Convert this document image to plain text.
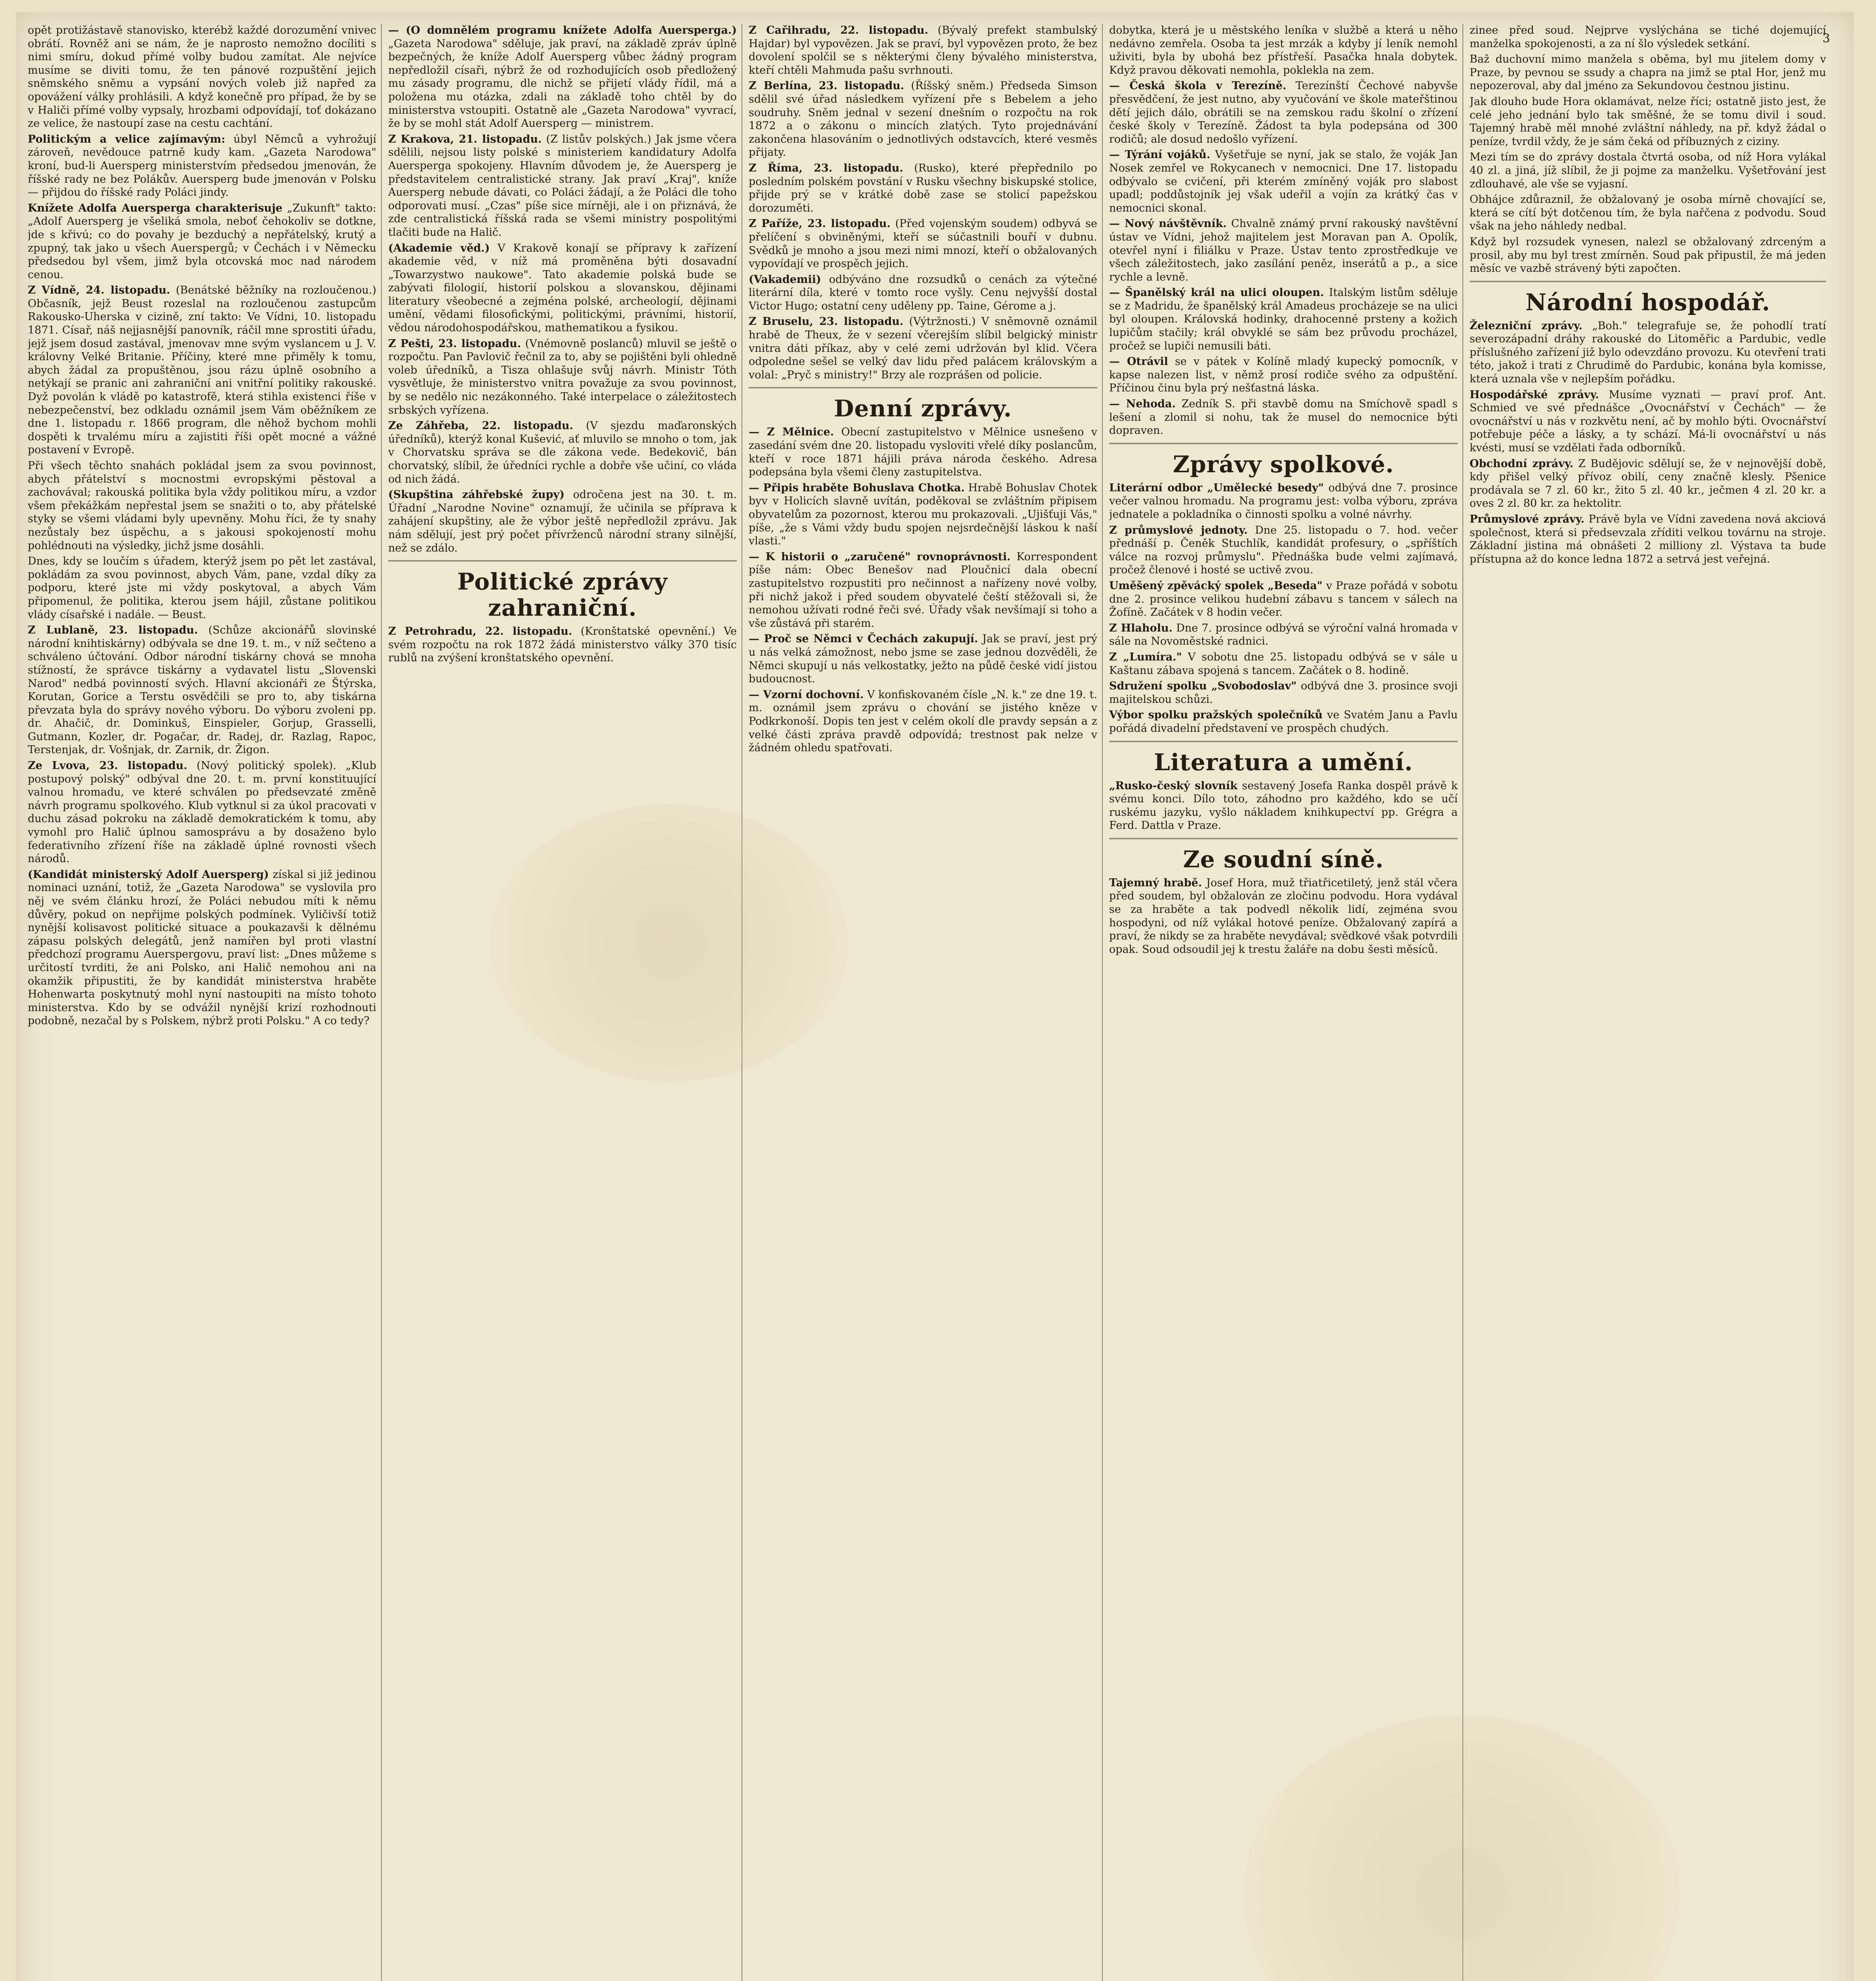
3

opět protižástavě stanovisko, kterébž každé dorozumění vnivec obrátí. Rovněž ani se nám, že je naprosto nemožno docíliti s nimi smíru, dokud přímé volby budou zamítat. Ale nejvíce musíme se diviti tomu, že ten pánové rozpuštění jejich sněmského sněmu a vypsání nových voleb již napřed za opovážení války prohlásili. A když konečně pro případ, že by se v Haliči přímé volby vypsaly, hrozbami odpovídají, toť dokázano ze velice, že nastoupí zase na cestu cachtání.

Politickým a velice zajímavým: úbyl Němců a vyhrožují zároveň, nevědouce patrně kudy kam. „Gazeta Narodowa" kroní, bud-li Auersperg ministerstvím předsedou jmenován, že říšské rady ne bez Polákův. Auersperg bude jmenován v Polsku — přijdou do říšské rady Poláci jindy.

Knížete Adolfa Auersperga charakterisuje „Zukunft" takto: „Adolf Auersperg je všeliká smola, neboť čehokoliv se dotkne, jde s křivú; co do povahy je bezduchý a nepřátelský, krutý a zpupný, tak jako u všech Auerspergů; v Čechách i v Německu předsedou byl všem, jimž byla otcovská moc nad národem cenou.

Z Vídně, 24. listopadu. (Benátské běžníky na rozloučenou.) Občasník, jejž Beust rozeslal na rozloučenou zastupcům Rakousko-Uherska v cizině, zní takto: Ve Vídni, 10. listopadu 1871. Císař, náš nejjasnější panovník, ráčil mne sprostiti úřadu, jejž jsem dosud zastával, jmenovav mne svým vyslancem u J. V. královny Velké Britanie. Příčiny, které mne přiměly k tomu, abych žádal za propuštěnou, jsou rázu úplně osobního a netýkají se pranic ani zahraniční ani vnitřní politiky rakouské. Dyž povolán k vládě po katastrofě, která stihla existenci říše v nebezpečenství, bez odkladu oznámil jsem Vám oběžníkem ze dne 1. listopadu r. 1866 program, dle něhož bychom mohli dospěti k trvalému míru a zajistiti říši opět mocné a vážné postavení v Evropě.

Při všech těchto snahách pokládal jsem za svou povinnost, abych přátelství s mocnostmi evropskými pěstoval a zachovával; rakouská politika byla vždy politikou míru, a vzdor všem překážkám nepřestal jsem se snažiti o to, aby přátelské styky se všemi vládami byly upevněny. Mohu říci, že ty snahy nezůstaly bez úspěchu, a s jakousi spokojeností mohu pohlédnouti na výsledky, jichž jsme dosáhli.

Dnes, kdy se loučím s úřadem, kterýž jsem po pět let zastával, pokládám za svou povinnost, abych Vám, pane, vzdal díky za podporu, které jste mi vždy poskytoval, a abych Vám připomenul, že politika, kterou jsem hájil, zůstane politikou vlády císařské i nadále. — Beust.

Z Lublaně, 23. listopadu. (Schůze akcionářů slovinské národní knihtiskárny) odbývala se dne 19. t. m., v níž sečteno a schváleno účtování. Odbor národní tiskárny chová se mnoha stížností, že správce tiskárny a vydavatel listu „Slovenski Narod" nedbá povinností svých. Hlavní akcionáři ze Štýrska, Korutan, Gorice a Terstu osvědčili se pro to, aby tiskárna převzata byla do správy nového výboru. Do výboru zvoleni pp. dr. Ahačič, dr. Dominkuš, Einspieler, Gorjup, Grasselli, Gutmann, Kozler, dr. Pogačar, dr. Radej, dr. Razlag, Rapoc, Terstenjak, dr. Vošnjak, dr. Zarnik, dr. Žigon.

Ze Lvova, 23. listopadu. (Nový politický spolek). „Klub postupový polský" odbýval dne 20. t. m. první konstituující valnou hromadu, ve které schválen po předsevzaté změně návrh programu spolkového. Klub vytknul si za úkol pracovati v duchu zásad pokroku na základě demokratickém k tomu, aby vymohl pro Halič úplnou samosprávu a by dosaženo bylo federativního zřízení říše na základě úplné rovnosti všech národů.

(Kandidát ministerský Adolf Auersperg) získal si již jedinou nominaci uznání, totiž, že „Gazeta Narodowa" se vyslovila pro něj ve svém článku hrozí, že Poláci nebudou míti k němu důvěry, pokud on nepřijme polských podmínek. Vyličivší totiž nynější kolisavost politické situace a poukazavši k dělnému zápasu polských delegátů, jenž namířen byl proti vlastní předchozí programu Auerspergovu, praví list: „Dnes můžeme s určitostí tvrditi, že ani Polsko, ani Halič nemohou ani na okamžik připustiti, že by kandidát ministerstva hraběte Hohenwarta poskytnutý mohl nyní nastoupiti na místo tohoto ministerstva. Kdo by se odvážil nynější krizí rozhodnouti podobně, nezačal by s Polskem, nýbrž proti Polsku." A co tedy?

— (O domnělém programu knížete Adolfa Auersperga.) „Gazeta Narodowa" sděluje, jak praví, na základě zpráv úplně bezpečných, že kníže Adolf Auersperg vůbec žádný program nepředložil císaři, nýbrž že od rozhodujících osob předložený mu zásady programu, dle nichž se přijetí vlády řídil, má a položena mu otázka, zdali na základě toho chtěl by do ministerstva vstoupiti. Ostatně ale „Gazeta Narodowa" vyvrací, že by se mohl stát Adolf Auersperg — ministrem.

Z Krakova, 21. listopadu. (Z listův polských.) Jak jsme včera sdělili, nejsou listy polské s ministeriem kandidatury Adolfa Auersperga spokojeny. Hlavním důvodem je, že Auersperg je představitelem centralistické strany. Jak praví „Kraj", kníže Auersperg nebude dávati, co Poláci žádají, a že Poláci dle toho odporovati musí. „Czas" píše sice mírněji, ale i on přiznává, že zde centralistická říšská rada se všemi ministry pospolitými tlačiti bude na Halič.

(Akademie věd.) V Krakově konají se přípravy k zařízení akademie věd, v níž má proměněna býti dosavadní „Towarzystwo naukowe". Tato akademie polská bude se zabývati filologií, historií polskou a slovanskou, dějinami literatury všeobecné a zejména polské, archeologií, dějinami umění, vědami filosofickými, politickými, právními, historií, vědou národohospodářskou, mathematikou a fysikou.

Z Pešti, 23. listopadu. (Vnémovně poslanců) mluvil se ještě o rozpočtu. Pan Pavlovič řečnil za to, aby se pojištěni byli ohledně voleb úředníků, a Tisza ohlašuje svůj návrh. Ministr Tóth vysvětluje, že ministerstvo vnitra považuje za svou povinnost, by se nedělo nic nezákonného. Také interpelace o záležitostech srbských vyřízena.

Ze Záhřeba, 22. listopadu. (V sjezdu maďaronských úředníků), kterýž konal Kušević, ať mluvilo se mnoho o tom, jak v Chorvatsku správa se dle zákona vede. Bedekovič, bán chorvatský, slíbil, že úředníci rychle a dobře vše učiní, co vláda od nich žádá.

(Skupština záhřebské župy) odročena jest na 30. t. m. Úřadní „Narodne Novine" oznamují, že učinila se příprava k zahájení skupštiny, ale že výbor ještě nepředložil zprávu. Jak nám sdělují, jest prý počet přívrženců národní strany silnější, než se zdálo.

Politické zprávy zahraniční.

Z Petrohradu, 22. listopadu. (Kronštatské opevnění.) Ve svém rozpočtu na rok 1872 žádá ministerstvo války 370 tisíc rublů na zvýšení kronštatského opevnění.

Z Cařihradu, 22. listopadu. (Bývalý prefekt stambulský Hajdar) byl vypovězen. Jak se praví, byl vypovězen proto, že bez dovolení spolčil se s některými členy bývalého ministerstva, kteří chtěli Mahmuda pašu svrhnouti.

Z Berlína, 23. listopadu. (Říšský sněm.) Předseda Simson sdělil své úřad následkem vyřízení pře s Bebelem a jeho soudruhy. Sněm jednal v sezení dnešním o rozpočtu na rok 1872 a o zákonu o mincích zlatých. Tyto projednávání zakončena hlasováním o jednotlivých odstavcích, které vesměs přijaty.

Z Říma, 23. listopadu. (Rusko), které přepřednilo po posledním polském povstání v Rusku všechny biskupské stolice, přijde prý se v krátké době zase se stolicí papežskou dorozuměti.

Z Paříže, 23. listopadu. (Před vojenským soudem) odbyvá se přelíčení s obviněnými, kteří se súčastnili bouří v dubnu. Svědků je mnoho a jsou mezi nimi mnozí, kteří o obžalovaných vypovídají ve prospěch jejich.

(Vakademii) odbýváno dne rozsudků o cenách za výtečné literární díla, které v tomto roce vyšly. Cenu nejvyšší dostal Victor Hugo; ostatní ceny uděleny pp. Taine, Gérome a j.

Z Bruselu, 23. listopadu. (Výtržnosti.) V sněmovně oznámil hrabě de Theux, že v sezení včerejším slíbil belgický ministr vnitra dáti příkaz, aby v celé zemi udržován byl klid. Včera odpoledne sešel se velký dav lidu před palácem královským a volal: „Pryč s ministry!" Brzy ale rozprášen od policie.

Denní zprávy.

— Z Mělnice. Obecní zastupitelstvo v Mělnice usnešeno v zasedání svém dne 20. listopadu vysloviti vřelé díky poslancům, kteří v roce 1871 hájili práva národa českého. Adresa podepsána byla všemi členy zastupitelstva.

— Připis hraběte Bohuslava Chotka. Hrabě Bohuslav Chotek byv v Holicích slavně uvítán, poděkoval se zvláštním připisem obyvatelům za pozornost, kterou mu prokazovali. „Ujišťuji Vás," píše, „že s Vámi vždy budu spojen nejsrdečnější láskou k naší vlasti."

— K historii o „zaručené" rovnoprávnosti. Korrespondent píše nám: Obec Benešov nad Ploučnicí dala obecní zastupitelstvo rozpustiti pro nečinnost a nařízeny nové volby, při nichž jakož i před soudem obyvatelé čeští stěžovali si, že nemohou užívati rodné řeči své. Úřady však nevšímají si toho a vše zůstává při starém.

— Proč se Němci v Čechách zakupují. Jak se praví, jest prý u nás velká zámožnost, nebo jsme se zase jednou dozvěděli, že Němci skupují u nás velkostatky, ježto na půdě české vidí jistou budoucnost.

— Vzorní dochovní. V konfiskovaném čísle „N. k." ze dne 19. t. m. oznámil jsem zprávu o chování se jistého kněze v Podkrkonoší. Dopis ten jest v celém okolí dle pravdy sepsán a z velké části zpráva pravdě odpovídá; trestnost pak nelze v žádném ohledu spatřovati.

dobytka, která je u městského leníka v službě a která u něho nedávno zemřela. Osoba ta jest mrzák a kdyby jí leník nemohl uživiti, byla by ubohá bez přístřeší. Pasačka hnala dobytek. Když pravou děkovati nemohla, poklekla na zem.

— Česká škola v Terezíně. Terezínští Čechové nabyvše přesvědčení, že jest nutno, aby vyučování ve škole mateřštinou dětí jejich dálo, obrátili se na zemskou radu školní o zřízení české školy v Terezíně. Žádost ta byla podepsána od 300 rodičů; ale dosud nedošlo vyřízení.

— Týrání vojáků. Vyšetřuje se nyní, jak se stalo, že voják Jan Nosek zemřel ve Rokycanech v nemocnici. Dne 17. listopadu odbývalo se cvičení, při kterém zmíněný voják pro slabost upadl; poddůstojník jej však udeřil a vojín za krátký čas v nemocnici skonal.

— Nový návštěvník. Chvalně známý první rakouský navštěvní ústav ve Vídni, jehož majitelem jest Moravan pan A. Opolík, otevřel nyní i filiálku v Praze. Ústav tento zprostředkuje ve všech záležitostech, jako zasílání peněz, inserátů a p., a sice rychle a levně.

— Španělský král na ulici oloupen. Italským listům sděluje se z Madridu, že španělský král Amadeus procházeje se na ulici byl oloupen. Královská hodinky, drahocenné prsteny a kožich lupičům stačily; král obvyklé se sám bez průvodu procházel, pročež se lupiči nemusili báti.

— Otrávil se v pátek v Kolíně mladý kupecký pomocník, v kapse nalezen list, v němž prosí rodiče svého za odpuštění. Příčinou činu byla prý nešťastná láska.

— Nehoda. Zedník S. při stavbě domu na Smíchově spadl s lešení a zlomil si nohu, tak že musel do nemocnice býti dopraven.

Zprávy spolkové.

Literární odbor „Umělecké besedy" odbývá dne 7. prosince večer valnou hromadu. Na programu jest: volba výboru, zpráva jednatele a pokladníka o činnosti spolku a volné návrhy.

Z průmyslové jednoty. Dne 25. listopadu o 7. hod. večer přednáší p. Čeněk Stuchlík, kandidát profesury, o „spříštích válce na rozvoj průmyslu". Přednáška bude velmi zajímavá, pročež členové i hosté se uctivě zvou.

Uměšený zpěvácký spolek „Beseda" v Praze pořádá v sobotu dne 2. prosince velikou hudební zábavu s tancem v sálech na Žofíně. Začátek v 8 hodin večer.

Z Hlaholu. Dne 7. prosince odbývá se výroční valná hromada v sále na Novoměstské radnici.

Z „Lumíra." V sobotu dne 25. listopadu odbývá se v sále u Kaštanu zábava spojená s tancem. Začátek o 8. hodině.

Sdružení spolku „Svobodoslav" odbývá dne 3. prosince svoji majitelskou schůzi.

Výbor spolku pražských společníků ve Svatém Janu a Pavlu pořádá divadelní představení ve prospěch chudých.

Literatura a umění.

„Rusko-český slovník sestavený Josefa Ranka dospěl právě k svému konci. Dílo toto, záhodno pro každého, kdo se učí ruskému jazyku, vyšlo nákladem knihkupectví pp. Grégra a Ferd. Dattla v Praze.

Ze soudní síně.

Tajemný hrabě. Josef Hora, muž třiatřicetiletý, jenž stál včera před soudem, byl obžalován ze zločinu podvodu. Hora vydával se za hraběte a tak podvedl několik lidí, zejména svou hospodyni, od níž vylákal hotové peníze. Obžalovaný zapírá a praví, že nikdy se za hraběte nevydával; svědkové však potvrdili opak. Soud odsoudil jej k trestu žaláře na dobu šesti měsíců.

zinee před soud. Nejprve vyslýchána se tiché dojemující manželka spokojenosti, a za ní šlo výsledek setkání.

Baž duchovní mimo manžela s oběma, byl mu jitelem domy v Praze, by pevnou se ssudy a chapra na jimž se ptal Hor, jenž mu nepozeroval, aby dal jméno za Sekundovou čestnou jistinu.

Jak dlouho bude Hora oklamávat, nelze říci; ostatně jisto jest, že celé jeho jednání bylo tak směšné, že se tomu divil i soud. Tajemný hrabě měl mnohé zvláštní náhledy, na př. když žádal o peníze, tvrdil vždy, že je sám čeká od příbuzných z ciziny.

Mezi tím se do zprávy dostala čtvrtá osoba, od níž Hora vylákal 40 zl. a jiná, jíž slíbil, že ji pojme za manželku. Vyšetřování jest zdlouhavé, ale vše se vyjasní.

Obhájce zdůraznil, že obžalovaný je osoba mírně chovající se, která se cítí být dotčenou tím, že byla nařčena z podvodu. Soud však na jeho náhledy nedbal.

Když byl rozsudek vynesen, nalezl se obžalovaný zdrceným a prosil, aby mu byl trest zmírněn. Soud pak připustil, že má jeden měsíc ve vazbě strávený býti započten.

Národní hospodář.

Železniční zprávy. „Boh." telegrafuje se, že pohodlí tratí severozápadní dráhy rakouské do Litoměřic a Pardubic, vedle příslušného zařízení již bylo odevzdáno provozu. Ku otevření trati této, jakož i trati z Chrudimě do Pardubic, konána byla komisse, která uznala vše v nejlepším pořádku.

Hospodářské zprávy. Musíme vyznati — praví prof. Ant. Schmied ve své přednášce „Ovocnářství v Čechách" — že ovocnářství u nás v rozkvětu není, ač by mohlo býti. Ovocnářství potřebuje péče a lásky, a ty schází. Má-li ovocnářství u nás kvésti, musí se vzdělati řada odborníků.

Obchodní zprávy. Z Budějovic sdělují se, že v nejnovější době, kdy přišel velký přívoz obilí, ceny značně klesly. Pšenice prodávala se 7 zl. 60 kr., žito 5 zl. 40 kr., ječmen 4 zl. 20 kr. a oves 2 zl. 80 kr. za hektolitr.

Průmyslové zprávy. Právě byla ve Vídni zavedena nová akciová společnost, která si předsevzala zříditi velkou továrnu na stroje. Základní jistina má obnášeti 2 milliony zl. Výstava ta bude přístupna až do konce ledna 1872 a setrvá jest veřejná.
